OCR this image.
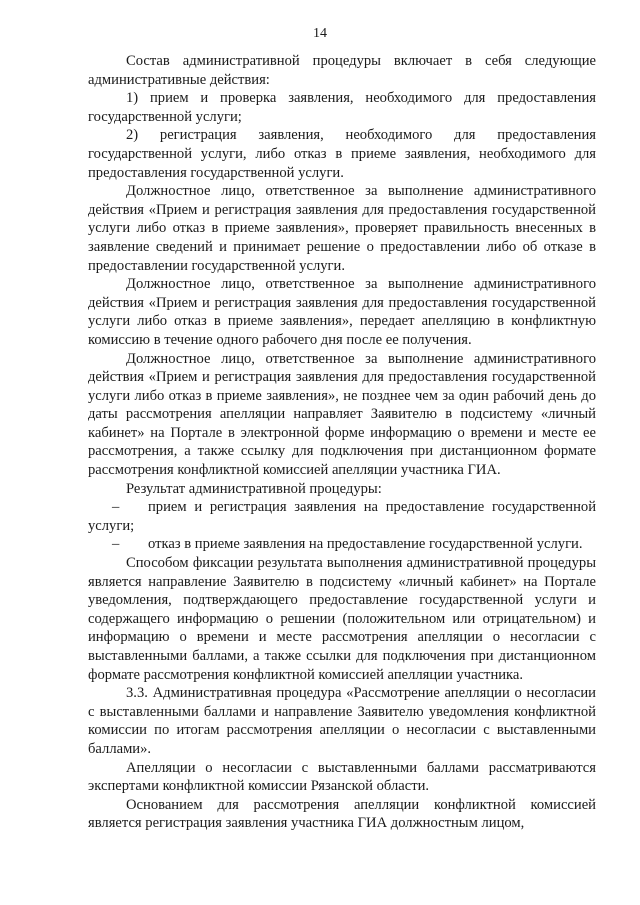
14

Состав административной процедуры включает в себя следующие административные действия:

1) прием и проверка заявления, необходимого для предоставления государственной услуги;

2) регистрация заявления, необходимого для предоставления государственной услуги, либо отказ в приеме заявления, необходимого для предоставления государственной услуги.

Должностное лицо, ответственное за выполнение административного действия «Прием и регистрация заявления для предоставления государственной услуги либо отказ в приеме заявления», проверяет правильность внесенных в заявление сведений и принимает решение о предоставлении либо об отказе в предоставлении государственной услуги.

Должностное лицо, ответственное за выполнение административного действия «Прием и регистрация заявления для предоставления государственной услуги либо отказ в приеме заявления», передает апелляцию в конфликтную комиссию в течение одного рабочего дня после ее получения.

Должностное лицо, ответственное за выполнение административного действия «Прием и регистрация заявления для предоставления государственной услуги либо отказ в приеме заявления», не позднее чем за один рабочий день до даты рассмотрения апелляции направляет Заявителю в подсистему «личный кабинет» на Портале в электронной форме информацию о времени и месте ее рассмотрения, а также ссылку для подключения при дистанционном формате рассмотрения конфликтной комиссией апелляции участника ГИА.

Результат административной процедуры:

– прием и регистрация заявления на предоставление государственной услуги;

– отказ в приеме заявления на предоставление государственной услуги.

Способом фиксации результата выполнения административной процедуры является направление Заявителю в подсистему «личный кабинет» на Портале уведомления, подтверждающего предоставление государственной услуги и содержащего информацию о решении (положительном или отрицательном) и информацию о времени и месте рассмотрения апелляции о несогласии с выставленными баллами, а также ссылки для подключения при дистанционном формате рассмотрения конфликтной комиссией апелляции участника.

3.3. Административная процедура «Рассмотрение апелляции о несогласии с выставленными баллами и направление Заявителю уведомления конфликтной комиссии по итогам рассмотрения апелляции о несогласии с выставленными баллами».

Апелляции о несогласии с выставленными баллами рассматриваются экспертами конфликтной комиссии Рязанской области.

Основанием для рассмотрения апелляции конфликтной комиссией является регистрация заявления участника ГИА должностным лицом,
